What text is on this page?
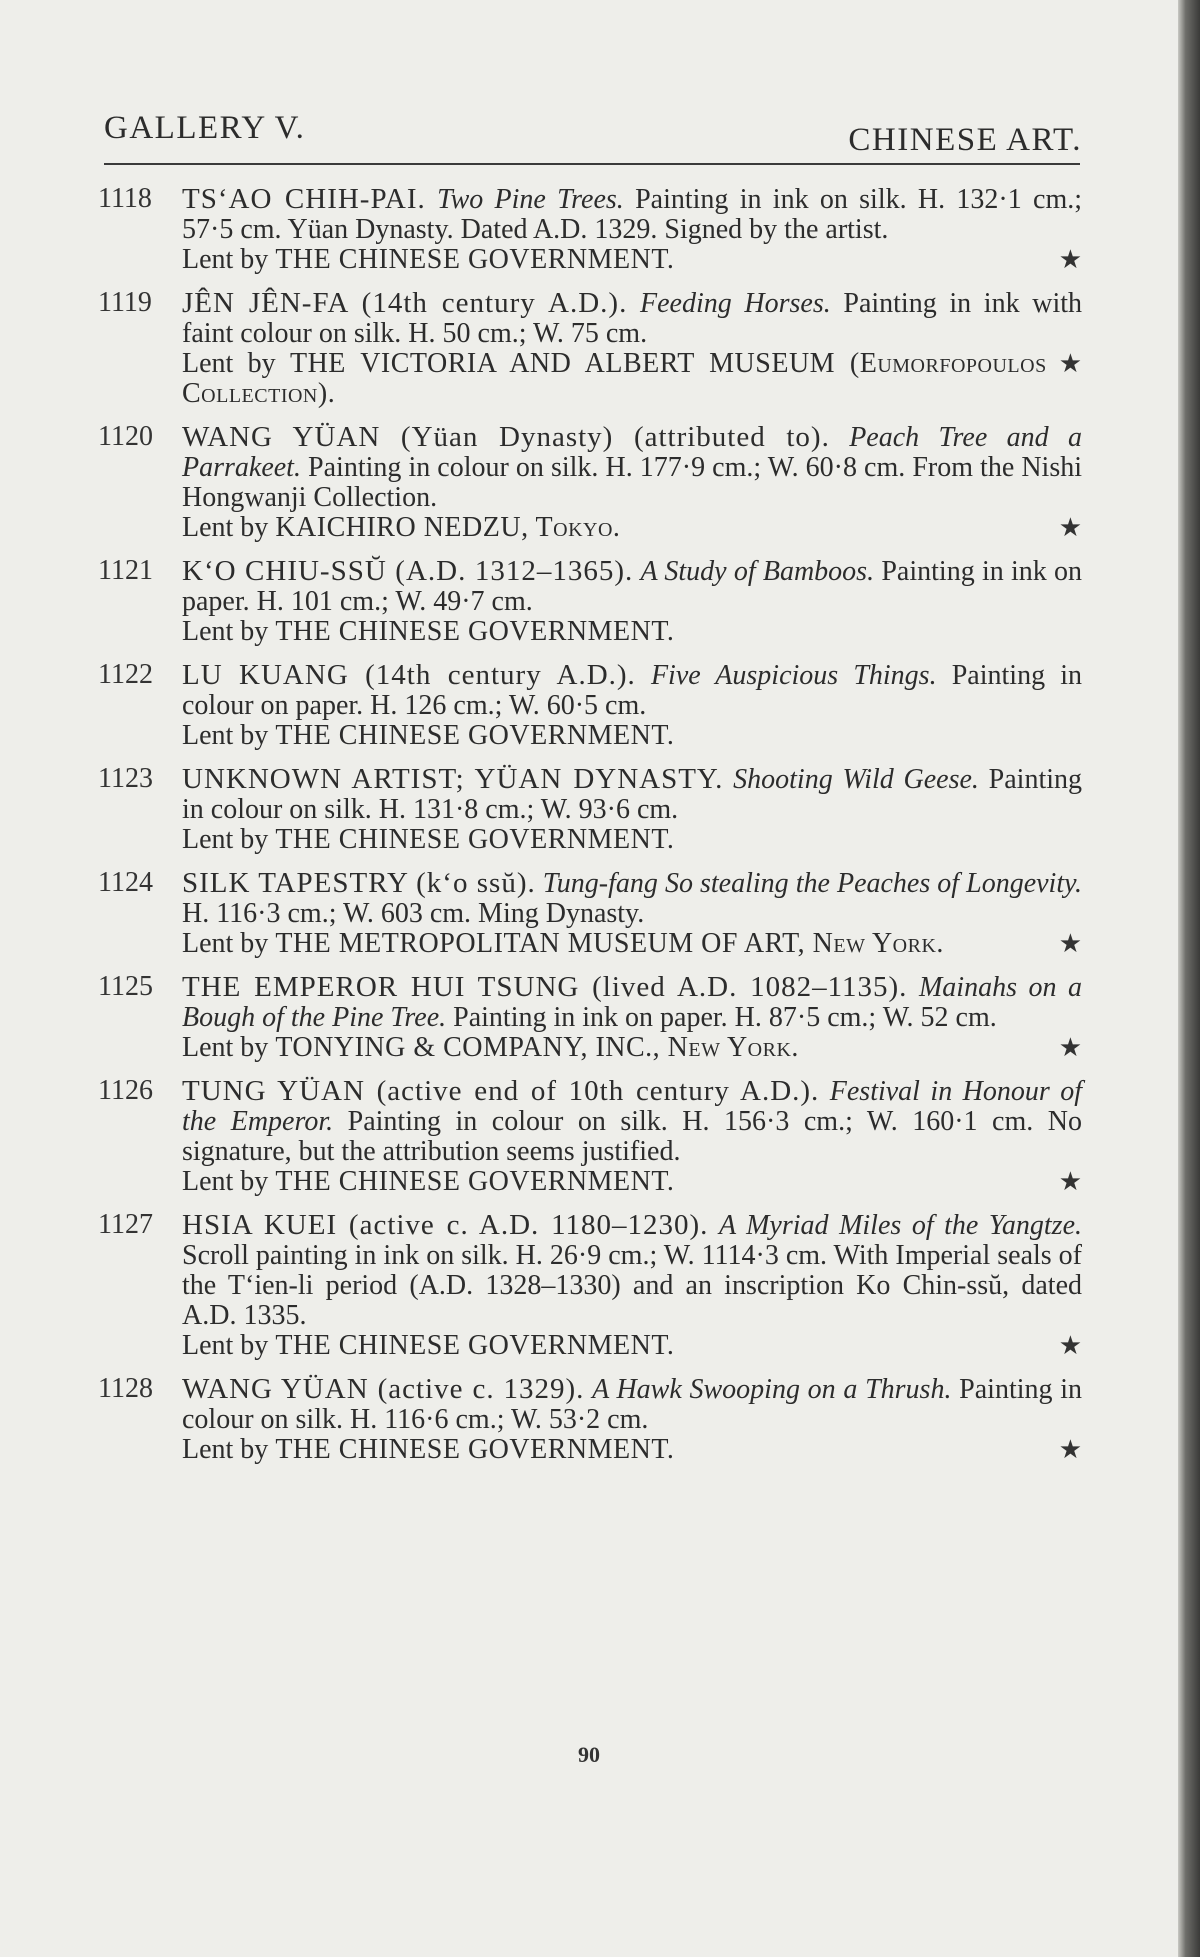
GALLERY V.	CHINESE ART.
1118	TS‘AO CHIH-PAI. Two Pine Trees. Painting in ink on silk. H. 132·1 cm.; 57·5 cm. Yüan Dynasty. Dated A.D. 1329. Signed by the artist.
★
Lent by THE CHINESE GOVERNMENT.
1119	JÊN JÊN-FA (14th century A.D.). Feeding Horses. Painting in ink with faint colour on silk. H. 50 cm.; W. 75 cm.
★
Lent by THE VICTORIA AND ALBERT MUSEUM (Eumorfopoulos Collection).
1120	WANG YÜAN (Yüan Dynasty) (attributed to). Peach Tree and a Parrakeet. Painting in colour on silk. H. 177·9 cm.; W. 60·8 cm. From the Nishi Hongwanji Collection.
★
Lent by KAICHIRO NEDZU, Tokyo.
1121	K‘O CHIU-SSŬ (A.D. 1312–1365). A Study of Bamboos. Painting in ink on paper. H. 101 cm.; W. 49·7 cm.
Lent by THE CHINESE GOVERNMENT.
1122	LU KUANG (14th century A.D.). Five Auspicious Things. Painting in colour on paper. H. 126 cm.; W. 60·5 cm.
Lent by THE CHINESE GOVERNMENT.
1123	UNKNOWN ARTIST; YÜAN DYNASTY. Shooting Wild Geese. Painting in colour on silk. H. 131·8 cm.; W. 93·6 cm.
Lent by THE CHINESE GOVERNMENT.
1124	SILK TAPESTRY (k‘o ssŭ). Tung-fang So stealing the Peaches of Longevity. H. 116·3 cm.; W. 603 cm. Ming Dynasty.
★
Lent by THE METROPOLITAN MUSEUM OF ART, New York.
1125	THE EMPEROR HUI TSUNG (lived A.D. 1082–1135). Mainahs on a Bough of the Pine Tree. Painting in ink on paper. H. 87·5 cm.; W. 52 cm.
★
Lent by TONYING & COMPANY, INC., New York.
1126	TUNG YÜAN (active end of 10th century A.D.). Festival in Honour of the Emperor. Painting in colour on silk. H. 156·3 cm.; W. 160·1 cm. No signature, but the attribution seems justified.
★
Lent by THE CHINESE GOVERNMENT.
1127	HSIA KUEI (active c. A.D. 1180–1230). A Myriad Miles of the Yangtze. Scroll painting in ink on silk. H. 26·9 cm.; W. 1114·3 cm. With Imperial seals of the T‘ien-li period (A.D. 1328–1330) and an inscription Ko Chin-ssŭ, dated A.D. 1335.
★
Lent by THE CHINESE GOVERNMENT.
1128	WANG YÜAN (active c. 1329). A Hawk Swooping on a Thrush. Painting in colour on silk. H. 116·6 cm.; W. 53·2 cm.
★
Lent by THE CHINESE GOVERNMENT.
90
